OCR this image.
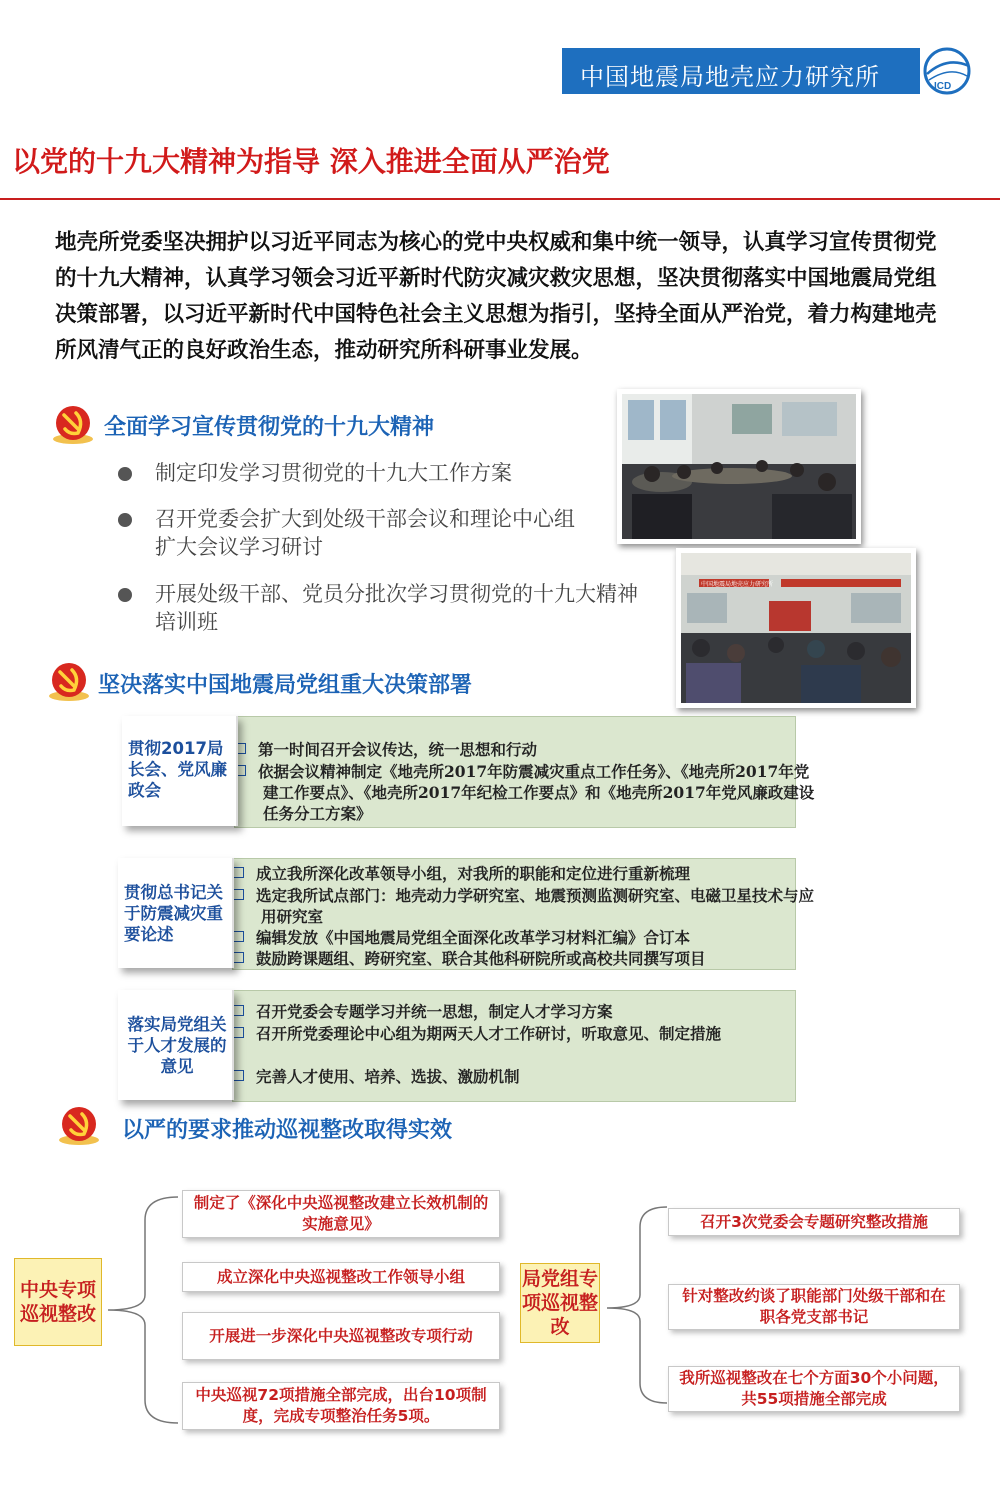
中国地震局地壳应力研究所	ICD
以党的十九大精神为指导 深入推进全面从严治党
地壳所党委坚决拥护以习近平同志为核心的党中央权威和集中统一领导，认真学习宣传贯彻党的十九大精神，认真学习领会习近平新时代防灾减灾救灾思想，坚决贯彻落实中国地震局党组决策部署，以习近平新时代中国特色社会主义思想为指引，坚持全面从严治党，着力构建地壳所风清气正的良好政治生态，推动研究所科研事业发展。
全面学习宣传贯彻党的十九大精神
制定印发学习贯彻党的十九大工作方案
召开党委会扩大到处级干部会议和理论中心组扩大会议学习研讨
开展处级干部、党员分批次学习贯彻党的十九大精神培训班
中国地震局地壳应力研究所
坚决落实中国地震局党组重大决策部署
第一时间召开会议传达，统一思想和行动
依据会议精神制定《地壳所2017年防震减灾重点工作任务》、《地壳所2017年党建工作要点》、《地壳所2017年纪检工作要点》和《地壳所2017年党风廉政建设任务分工方案》
贯彻2017局长会、党风廉政会
成立我所深化改革领导小组，对我所的职能和定位进行重新梳理
选定我所试点部门：地壳动力学研究室、地震预测监测研究室、电磁卫星技术与应用研究室
编辑发放《中国地震局党组全面深化改革学习材料汇编》合订本
鼓励跨课题组、跨研究室、联合其他科研院所或高校共同撰写项目
贯彻总书记关于防震减灾重要论述
召开党委会专题学习并统一思想，制定人才学习方案
召开所党委理论中心组为期两天人才工作研讨，听取意见、制定措施
完善人才使用、培养、选拔、激励机制
落实局党组关于人才发展的意见
以严的要求推动巡视整改取得实效
中央专项巡视整改
制定了《深化中央巡视整改建立长效机制的实施意见》
成立深化中央巡视整改工作领导小组
开展进一步深化中央巡视整改专项行动
中央巡视72项措施全部完成，出台10项制度，完成专项整治任务5项。
局党组专项巡视整改
召开3次党委会专题研究整改措施
针对整改约谈了职能部门处级干部和在职各党支部书记
我所巡视整改在七个方面30个小问题，共55项措施全部完成
